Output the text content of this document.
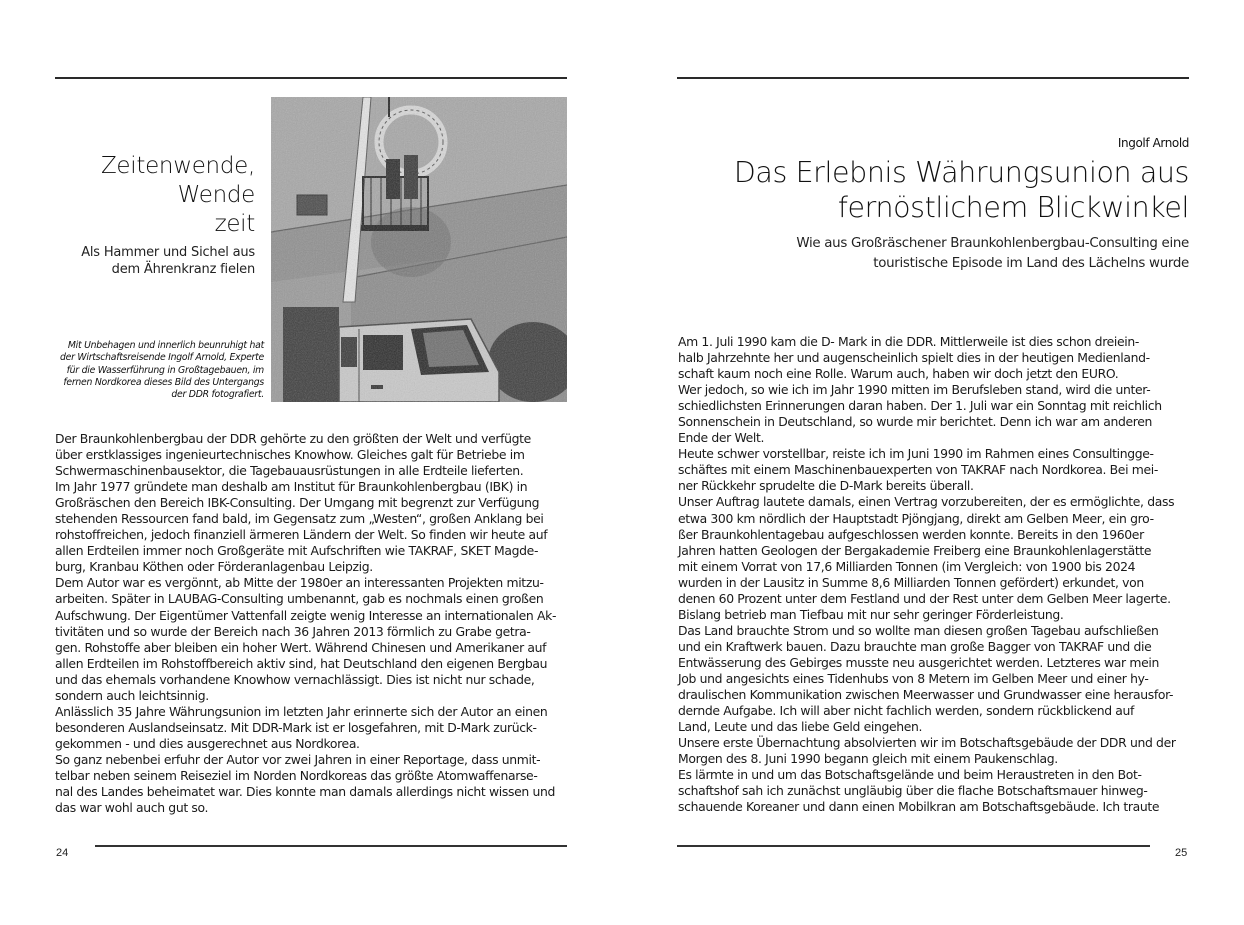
Zeitenwende,
Wende
zeit
Als Hammer und Sichel aus
dem Ährenkranz fielen
Mit Unbehagen und innerlich beunruhigt hat
der Wirtschaftsreisende Ingolf Arnold, Experte
für die Wasserführung in Großtagebauen, im
fernen Nordkorea dieses Bild des Untergangs
der DDR fotografiert.
Der Braunkohlenbergbau der DDR gehörte zu den größten der Welt und verfügte
über erstklassiges ingenieurtechnisches Knowhow. Gleiches galt für Betriebe im
Schwermaschinenbausektor, die Tagebauausrüstungen in alle Erdteile lieferten.
Im Jahr 1977 gründete man deshalb am Institut für Braunkohlenbergbau (IBK) in
Großräschen den Bereich IBK-Consulting. Der Umgang mit begrenzt zur Verfügung
stehenden Ressourcen fand bald, im Gegensatz zum „Westen“, großen Anklang bei
rohstoffreichen, jedoch finanziell ärmeren Ländern der Welt. So finden wir heute auf
allen Erdteilen immer noch Großgeräte mit Aufschriften wie TAKRAF, SKET Magde-
burg, Kranbau Köthen oder Förderanlagenbau Leipzig.
Dem Autor war es vergönnt, ab Mitte der 1980er an interessanten Projekten mitzu-
arbeiten. Später in LAUBAG-Consulting umbenannt, gab es nochmals einen großen
Aufschwung. Der Eigentümer Vattenfall zeigte wenig Interesse an internationalen Ak-
tivitäten und so wurde der Bereich nach 36 Jahren 2013 förmlich zu Grabe getra-
gen. Rohstoffe aber bleiben ein hoher Wert. Während Chinesen und Amerikaner auf
allen Erdteilen im Rohstoffbereich aktiv sind, hat Deutschland den eigenen Bergbau
und das ehemals vorhandene Knowhow vernachlässigt. Dies ist nicht nur schade,
sondern auch leichtsinnig.
Anlässlich 35 Jahre Währungsunion im letzten Jahr erinnerte sich der Autor an einen
besonderen Auslandseinsatz. Mit DDR-Mark ist er losgefahren, mit D-Mark zurück-
gekommen - und dies ausgerechnet aus Nordkorea.
So ganz nebenbei erfuhr der Autor vor zwei Jahren in einer Reportage, dass unmit-
telbar neben seinem Reiseziel im Norden Nordkoreas das größte Atomwaffenarse-
nal des Landes beheimatet war. Dies konnte man damals allerdings nicht wissen und
das war wohl auch gut so.
24
Ingolf Arnold
Das Erlebnis Währungsunion aus
fernöstlichem Blickwinkel
Wie aus Großräschener Braunkohlenbergbau-Consulting eine
touristische Episode im Land des Lächelns wurde
Am 1. Juli 1990 kam die D- Mark in die DDR. Mittlerweile ist dies schon dreiein-
halb Jahrzehnte her und augenscheinlich spielt dies in der heutigen Medienland-
schaft kaum noch eine Rolle. Warum auch, haben wir doch jetzt den EURO.
Wer jedoch, so wie ich im Jahr 1990 mitten im Berufsleben stand, wird die unter-
schiedlichsten Erinnerungen daran haben. Der 1. Juli war ein Sonntag mit reichlich
Sonnenschein in Deutschland, so wurde mir berichtet. Denn ich war am anderen
Ende der Welt.
Heute schwer vorstellbar, reiste ich im Juni 1990 im Rahmen eines Consultingge-
schäftes mit einem Maschinenbauexperten von TAKRAF nach Nordkorea. Bei mei-
ner Rückkehr sprudelte die D-Mark bereits überall.
Unser Auftrag lautete damals, einen Vertrag vorzubereiten, der es ermöglichte, dass
etwa 300 km nördlich der Hauptstadt Pjöngjang, direkt am Gelben Meer, ein gro-
ßer Braunkohlentagebau aufgeschlossen werden konnte. Bereits in den 1960er
Jahren hatten Geologen der Bergakademie Freiberg eine Braunkohlenlagerstätte
mit einem Vorrat von 17,6 Milliarden Tonnen (im Vergleich: von 1900 bis 2024
wurden in der Lausitz in Summe 8,6 Milliarden Tonnen gefördert) erkundet, von
denen 60 Prozent unter dem Festland und der Rest unter dem Gelben Meer lagerte.
Bislang betrieb man Tiefbau mit nur sehr geringer Förderleistung.
Das Land brauchte Strom und so wollte man diesen großen Tagebau aufschließen
und ein Kraftwerk bauen. Dazu brauchte man große Bagger von TAKRAF und die
Entwässerung des Gebirges musste neu ausgerichtet werden. Letzteres war mein
Job und angesichts eines Tidenhubs von 8 Metern im Gelben Meer und einer hy-
draulischen Kommunikation zwischen Meerwasser und Grundwasser eine herausfor-
dernde Aufgabe. Ich will aber nicht fachlich werden, sondern rückblickend auf
Land, Leute und das liebe Geld eingehen.
Unsere erste Übernachtung absolvierten wir im Botschaftsgebäude der DDR und der
Morgen des 8. Juni 1990 begann gleich mit einem Paukenschlag.
Es lärmte in und um das Botschaftsgelände und beim Heraustreten in den Bot-
schaftshof sah ich zunächst ungläubig über die flache Botschaftsmauer hinweg-
schauende Koreaner und dann einen Mobilkran am Botschaftsgebäude. Ich traute
25
